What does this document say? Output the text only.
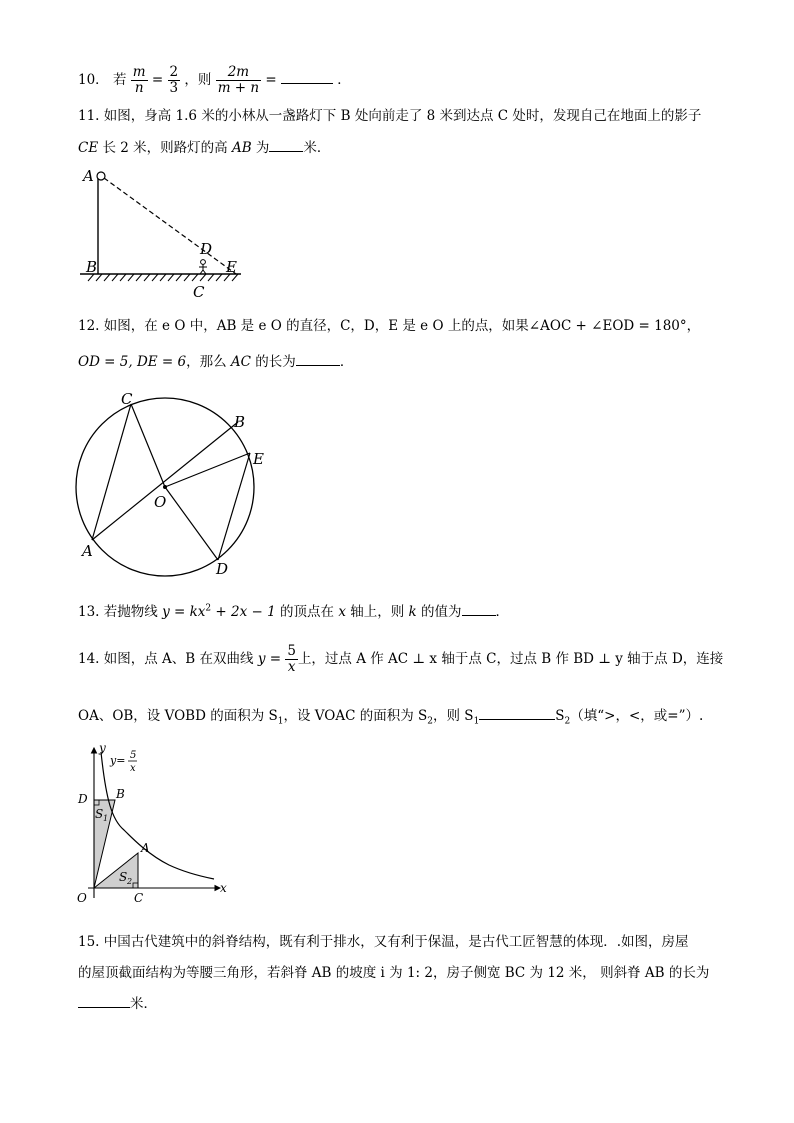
10． 若 $\frac{m}{n} = \frac{2}{3}$ ，则 $\frac{2m}{m + n}$ =	．
11. 如图，身高 1.6 米的小林从一盏路灯下 B 处向前走了 8 米到达点 C 处时，发现自己在地面上的影子
CE 长 2 米，则路灯的高 AB 为	米．
A
B
D
E
C
12. 如图，在 e O 中，AB 是 e O 的直径，C，D，E 是 e O 上的点，如果∠AOC + ∠EOD = 180°，
OD = 5, DE = 6，那么 AC 的长为	．
C
B
E
O
A
D
13. 若抛物线 $y = kx^2 + 2x - 1$ 的顶点在 x 轴上，则 k 的值为	．
14. 如图，点 A、B 在双曲线 $y = \frac{5}{x}$ 上，过点 A 作 AC ⊥ x 轴于点 C，过点 B 作 BD ⊥ y 轴于点 D，连接
OA、OB，设 VOBD 的面积为 $S_1$，设 VOAC 的面积为 $S_2$，则 $S_1$	$S_2$（填“>，<，或=”）.
y
y= 5
x
D B
S 1
A
S 2
O	C
x
15. 中国古代建筑中的斜脊结构，既有利于排水，又有利于保温，是古代工匠智慧的体现．.如图，房屋
的屋顶截面结构为等腰三角形，若斜脊 AB 的坡度 i 为 1: 2，房子侧宽 BC 为 12 米， 则斜脊 AB 的长为
米．
